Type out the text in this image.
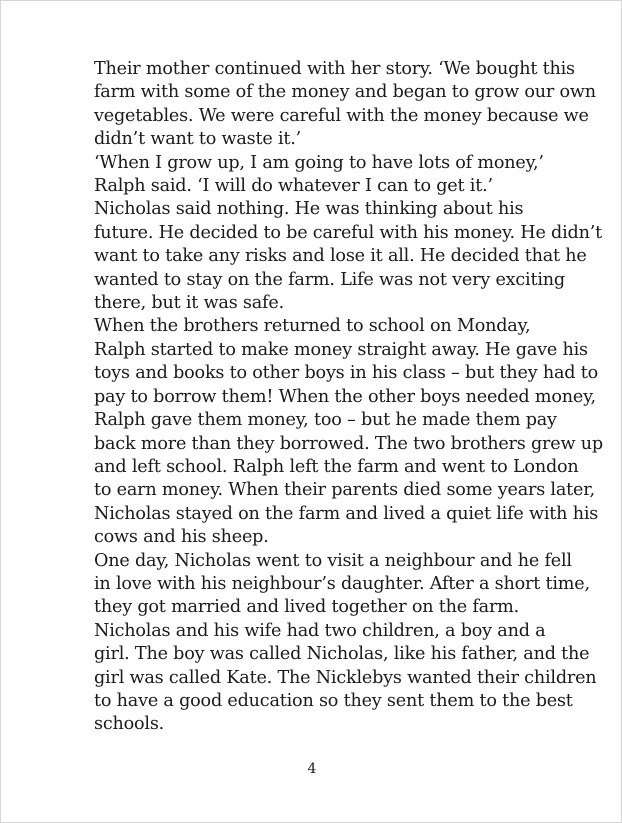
Their mother continued with her story. ‘We bought this
farm with some of the money and began to grow our own
vegetables. We were careful with the money because we
didn’t want to waste it.’

‘When I grow up, I am going to have lots of money,’
Ralph said. ‘I will do whatever I can to get it.’

Nicholas said nothing. He was thinking about his
future. He decided to be careful with his money. He didn’t
want to take any risks and lose it all. He decided that he
wanted to stay on the farm. Life was not very exciting
there, but it was safe.

When the brothers returned to school on Monday,
Ralph started to make money straight away. He gave his
toys and books to other boys in his class – but they had to
pay to borrow them! When the other boys needed money,
Ralph gave them money, too – but he made them pay
back more than they borrowed. The two brothers grew up
and left school. Ralph left the farm and went to London
to earn money. When their parents died some years later,
Nicholas stayed on the farm and lived a quiet life with his
cows and his sheep.

One day, Nicholas went to visit a neighbour and he fell
in love with his neighbour’s daughter. After a short time,
they got married and lived together on the farm.

Nicholas and his wife had two children, a boy and a
girl. The boy was called Nicholas, like his father, and the
girl was called Kate. The Nicklebys wanted their children
to have a good education so they sent them to the best
schools.

4
